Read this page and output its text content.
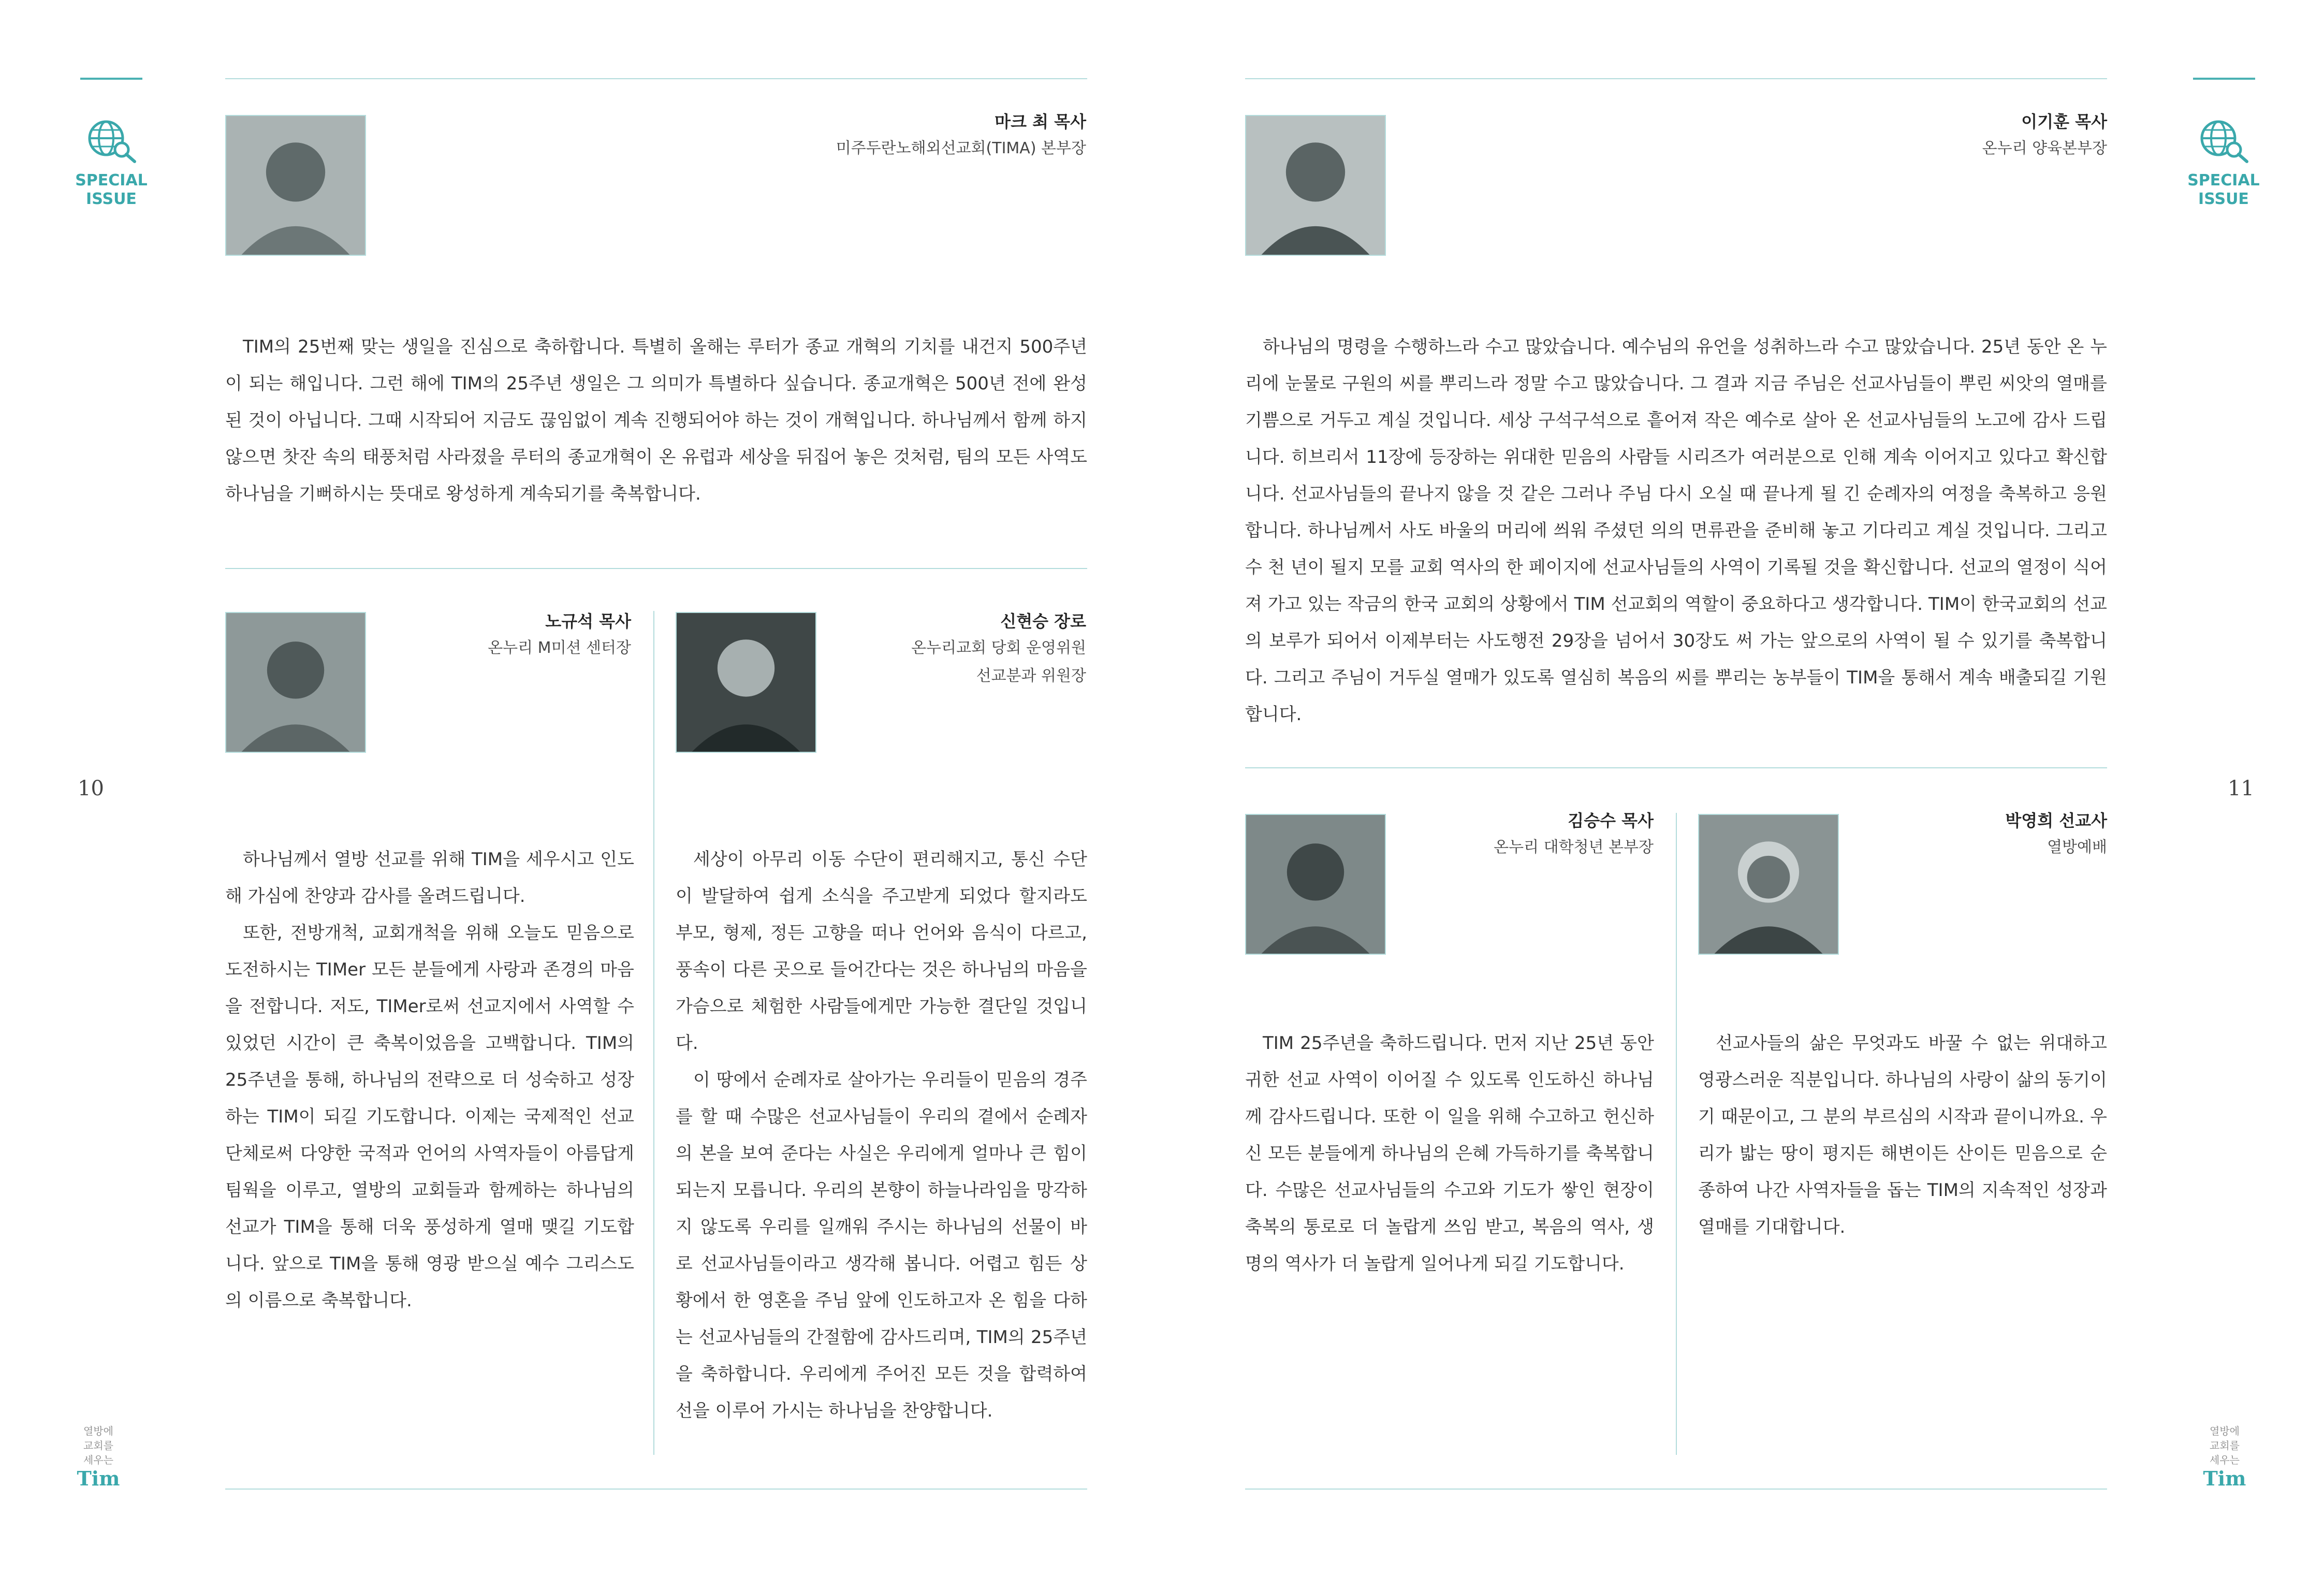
SPECIAL
ISSUE
10
열방에
교회를
세우는
Tim
SPECIAL
ISSUE
11
열방에
교회를
세우는
Tim
마크 최 목사
미주두란노해외선교회(TIMA) 본부장

TIM의 25번째 맞는 생일을 진심으로 축하합니다. 특별히 올해는 루터가 종교 개혁의 기치를 내건지 500주년이 되는 해입니다. 그런 해에 TIM의 25주년 생일은 그 의미가 특별하다 싶습니다. 종교개혁은 500년 전에 완성된 것이 아닙니다. 그때 시작되어 지금도 끊임없이 계속 진행되어야 하는 것이 개혁입니다. 하나님께서 함께 하지 않으면 찻잔 속의 태풍처럼 사라졌을 루터의 종교개혁이 온 유럽과 세상을 뒤집어 놓은 것처럼, 팀의 모든 사역도 하나님을 기뻐하시는 뜻대로 왕성하게 계속되기를 축복합니다.

노규석 목사
온누리 M미션 센터장

하나님께서 열방 선교를 위해 TIM을 세우시고 인도해 가심에 찬양과 감사를 올려드립니다.

또한, 전방개척, 교회개척을 위해 오늘도 믿음으로 도전하시는 TIMer 모든 분들에게 사랑과 존경의 마음을 전합니다. 저도, TIMer로써 선교지에서 사역할 수 있었던 시간이 큰 축복이었음을 고백합니다. TIM의 25주년을 통해, 하나님의 전략으로 더 성숙하고 성장하는 TIM이 되길 기도합니다. 이제는 국제적인 선교단체로써 다양한 국적과 언어의 사역자들이 아름답게 팀웍을 이루고, 열방의 교회들과 함께하는 하나님의 선교가 TIM을 통해 더욱 풍성하게 열매 맺길 기도합니다. 앞으로 TIM을 통해 영광 받으실 예수 그리스도의 이름으로 축복합니다.

신현승 장로
온누리교회 당회 운영위원
선교분과 위원장

세상이 아무리 이동 수단이 편리해지고, 통신 수단이 발달하여 쉽게 소식을 주고받게 되었다 할지라도 부모, 형제, 정든 고향을 떠나 언어와 음식이 다르고, 풍속이 다른 곳으로 들어간다는 것은 하나님의 마음을 가슴으로 체험한 사람들에게만 가능한 결단일 것입니다.

이 땅에서 순례자로 살아가는 우리들이 믿음의 경주를 할 때 수많은 선교사님들이 우리의 곁에서 순례자의 본을 보여 준다는 사실은 우리에게 얼마나 큰 힘이 되는지 모릅니다. 우리의 본향이 하늘나라임을 망각하지 않도록 우리를 일깨워 주시는 하나님의 선물이 바로 선교사님들이라고 생각해 봅니다. 어렵고 힘든 상황에서 한 영혼을 주님 앞에 인도하고자 온 힘을 다하는 선교사님들의 간절함에 감사드리며, TIM의 25주년을 축하합니다. 우리에게 주어진 모든 것을 합력하여 선을 이루어 가시는 하나님을 찬양합니다.

이기훈 목사
온누리 양육본부장

하나님의 명령을 수행하느라 수고 많았습니다. 예수님의 유언을 성취하느라 수고 많았습니다. 25년 동안 온 누리에 눈물로 구원의 씨를 뿌리느라 정말 수고 많았습니다. 그 결과 지금 주님은 선교사님들이 뿌린 씨앗의 열매를 기쁨으로 거두고 계실 것입니다. 세상 구석구석으로 흩어져 작은 예수로 살아 온 선교사님들의 노고에 감사 드립니다. 히브리서 11장에 등장하는 위대한 믿음의 사람들 시리즈가 여러분으로 인해 계속 이어지고 있다고 확신합니다. 선교사님들의 끝나지 않을 것 같은 그러나 주님 다시 오실 때 끝나게 될 긴 순례자의 여정을 축복하고 응원합니다. 하나님께서 사도 바울의 머리에 씌워 주셨던 의의 면류관을 준비해 놓고 기다리고 계실 것입니다. 그리고 수 천 년이 될지 모를 교회 역사의 한 페이지에 선교사님들의 사역이 기록될 것을 확신합니다. 선교의 열정이 식어져 가고 있는 작금의 한국 교회의 상황에서 TIM 선교회의 역할이 중요하다고 생각합니다. TIM이 한국교회의 선교의 보루가 되어서 이제부터는 사도행전 29장을 넘어서 30장도 써 가는 앞으로의 사역이 될 수 있기를 축복합니다. 그리고 주님이 거두실 열매가 있도록 열심히 복음의 씨를 뿌리는 농부들이 TIM을 통해서 계속 배출되길 기원합니다.

김승수 목사
온누리 대학청년 본부장

TIM 25주년을 축하드립니다. 먼저 지난 25년 동안 귀한 선교 사역이 이어질 수 있도록 인도하신 하나님께 감사드립니다. 또한 이 일을 위해 수고하고 헌신하신 모든 분들에게 하나님의 은혜 가득하기를 축복합니다. 수많은 선교사님들의 수고와 기도가 쌓인 현장이 축복의 통로로 더 놀랍게 쓰임 받고, 복음의 역사, 생명의 역사가 더 놀랍게 일어나게 되길 기도합니다.

박영희 선교사
열방예배

선교사들의 삶은 무엇과도 바꿀 수 없는 위대하고 영광스러운 직분입니다. 하나님의 사랑이 삶의 동기이기 때문이고, 그 분의 부르심의 시작과 끝이니까요. 우리가 밟는 땅이 평지든 해변이든 산이든 믿음으로 순종하여 나간 사역자들을 돕는 TIM의 지속적인 성장과 열매를 기대합니다.
